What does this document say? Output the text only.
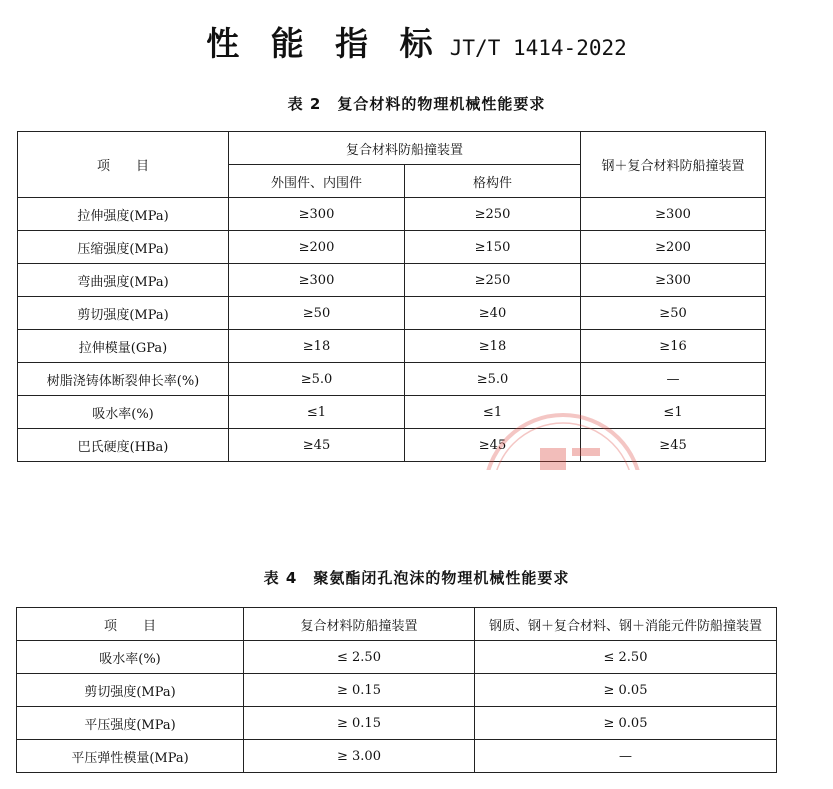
性 能 指 标 JT/T 1414-2022
表 2　复合材料的物理机械性能要求
项　　目	复合材料防船撞装置		钢＋复合材料防船撞装置
	外围件、内围件	格构件	
拉伸强度(MPa)	≥300	≥250	≥300
压缩强度(MPa)	≥200	≥150	≥200
弯曲强度(MPa)	≥300	≥250	≥300
剪切强度(MPa)	≥50	≥40	≥50
拉伸模量(GPa)	≥18	≥18	≥16
树脂浇铸体断裂伸长率(%)	≥5.0	≥5.0	—
吸水率(%)	≤1	≤1	≤1
巴氏硬度(HBa)	≥45	≥45	≥45
表 4　聚氨酯闭孔泡沫的物理机械性能要求
项　　目	复合材料防船撞装置	钢质、钢＋复合材料、钢＋消能元件防船撞装置
吸水率(%)	≤ 2.50	≤ 2.50
剪切强度(MPa)	≥ 0.15	≥ 0.05
平压强度(MPa)	≥ 0.15	≥ 0.05
平压弹性模量(MPa)	≥ 3.00	—
